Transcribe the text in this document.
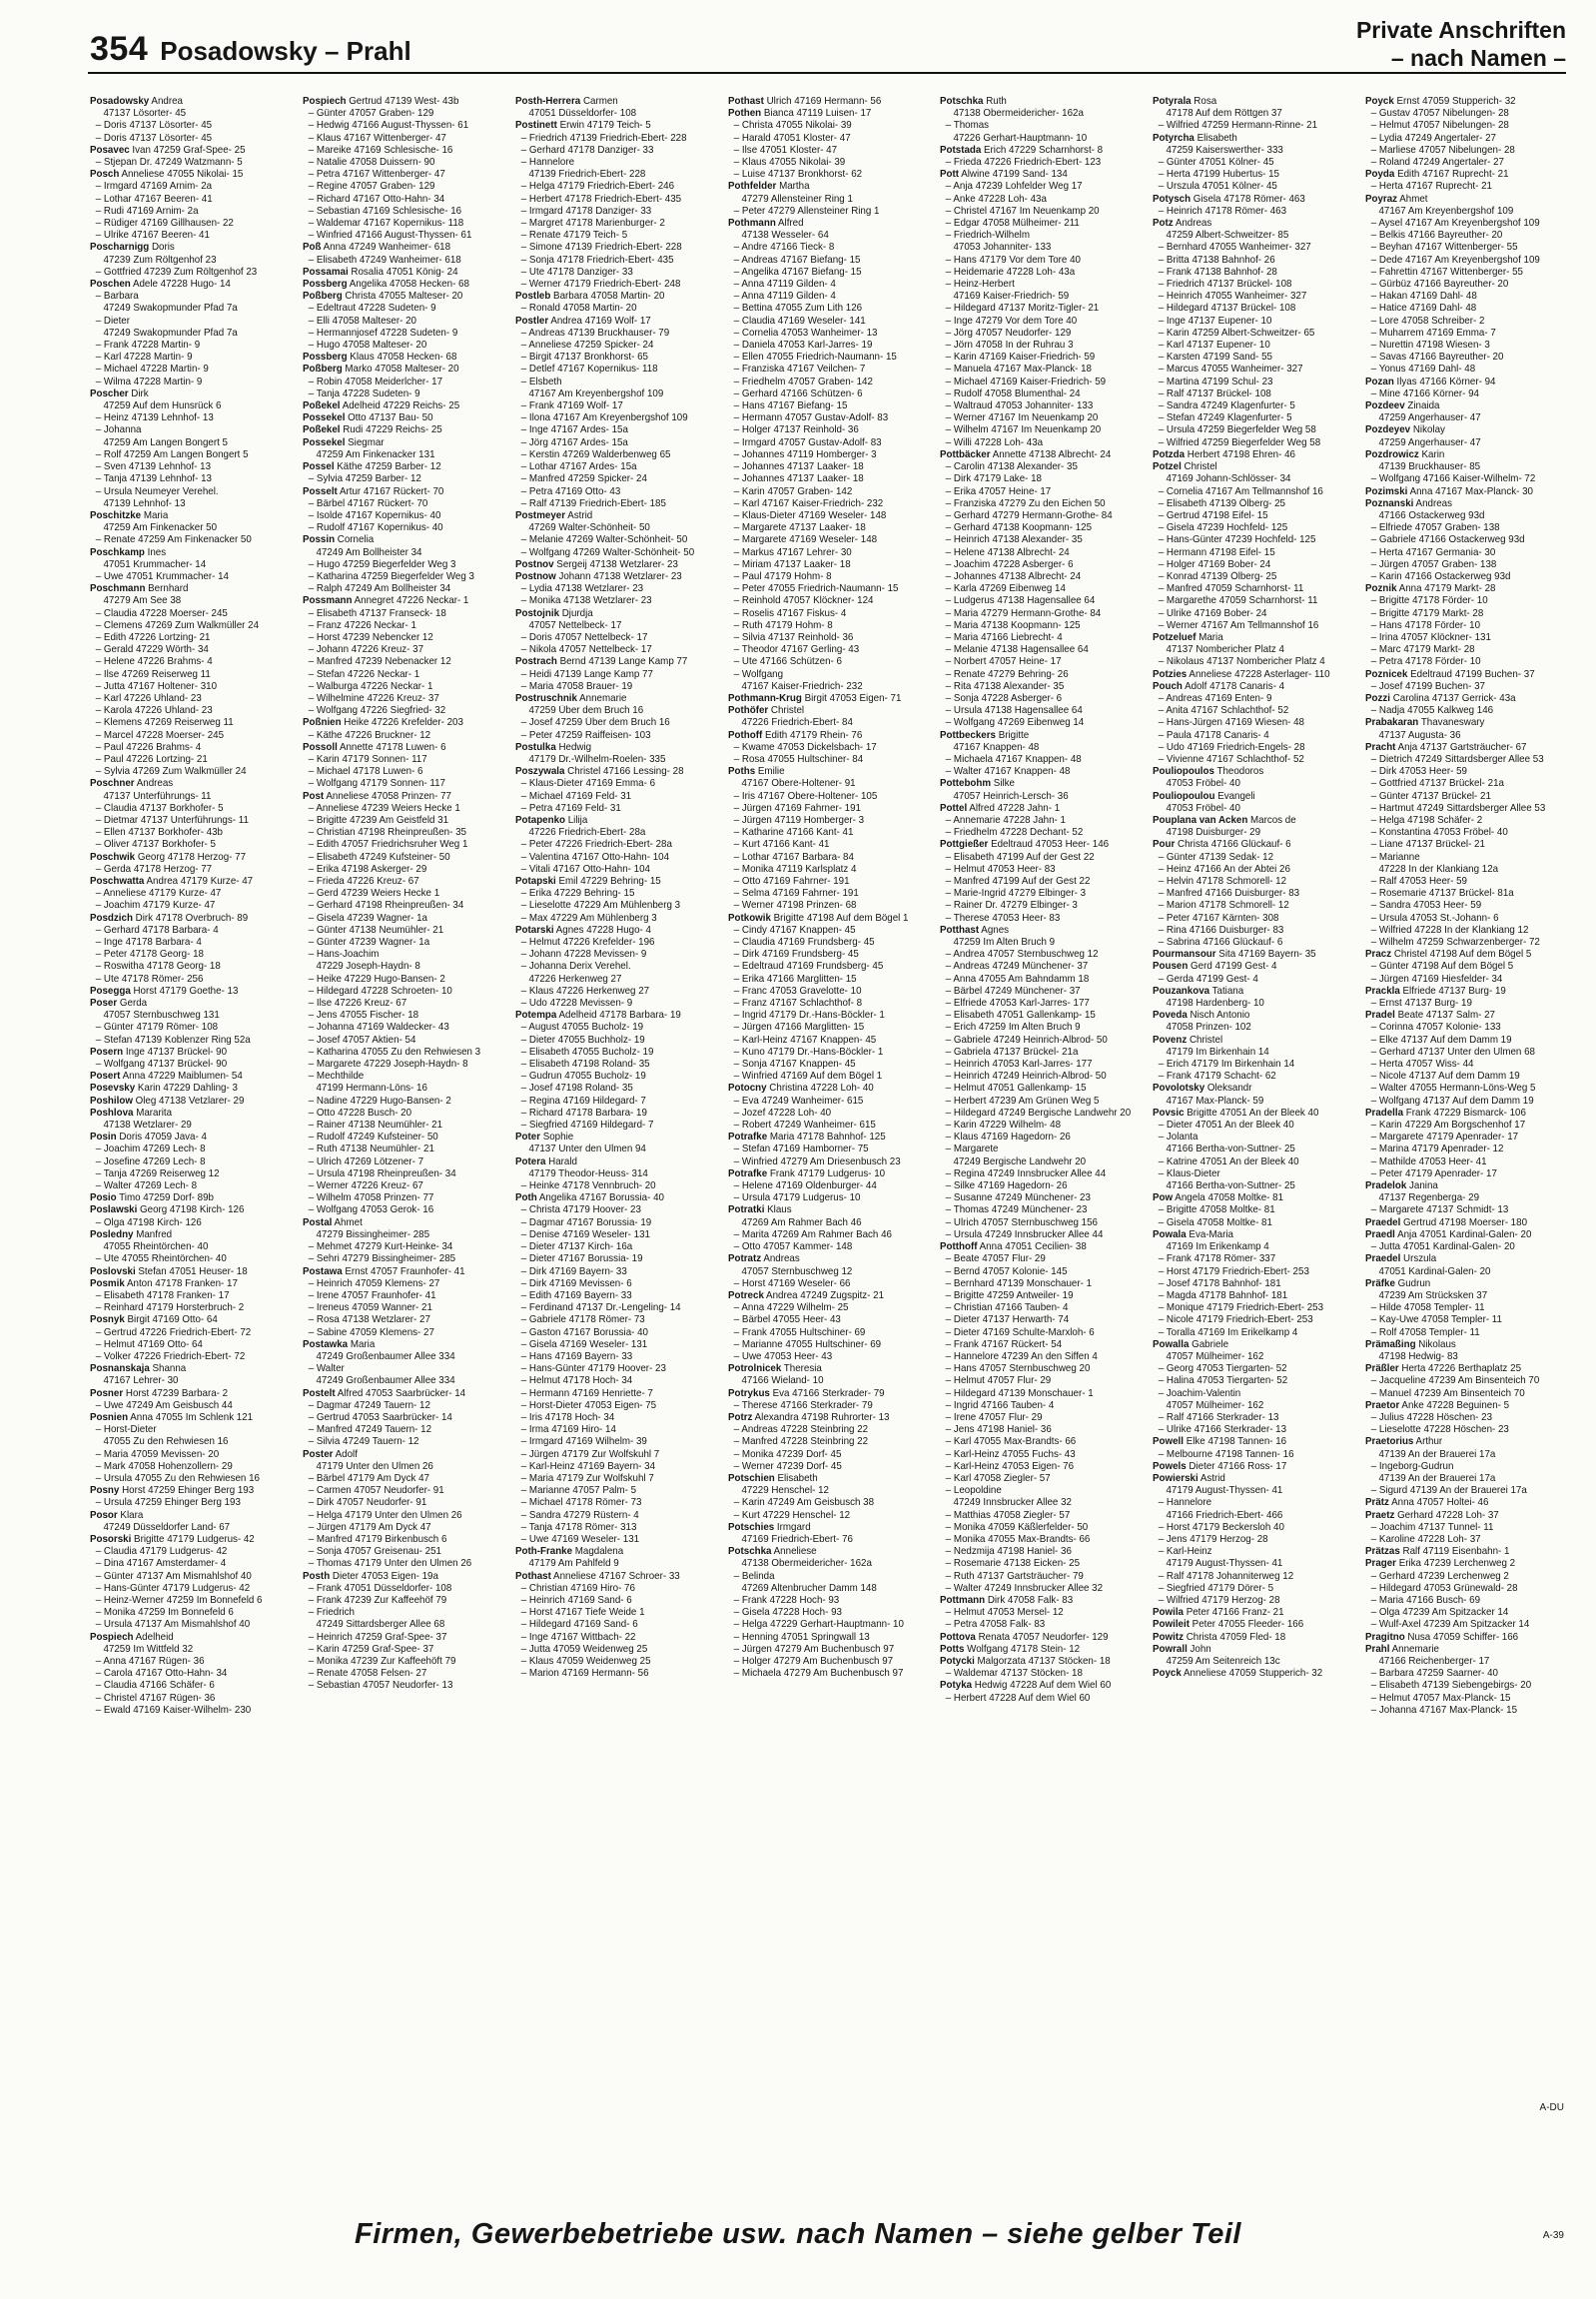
354 Posadowsky – Prahl
Private Anschriften
– nach Namen –
Posadowsky Andrea
47137 Lösorter- 45
– Doris 47137 Lösorter- 45
– Doris 47137 Lösorter- 45
Posavec Ivan 47259 Graf-Spee- 25
– Stjepan Dr. 47249 Watzmann- 5
Posch Anneliese 47055 Nikolai- 15
– Irmgard 47169 Arnim- 2a
– Lothar 47167 Beeren- 41
– Rudi 47169 Arnim- 2a
– Rüdiger 47169 Gillhausen- 22
– Ulrike 47167 Beeren- 41
Poscharnigg Doris
47239 Zum Röltgenhof 23
– Gottfried 47239 Zum Röltgenhof 23
Poschen Adele 47228 Hugo- 14
– Barbara
47249 Swakopmunder Pfad 7a
– Dieter
47249 Swakopmunder Pfad 7a
– Frank 47228 Martin- 9
– Karl 47228 Martin- 9
– Michael 47228 Martin- 9
– Wilma 47228 Martin- 9
Poscher Dirk
47259 Auf dem Hunsrück 6
– Heinz 47139 Lehnhof- 13
– Johanna
47259 Am Langen Bongert 5
– Rolf 47259 Am Langen Bongert 5
– Sven 47139 Lehnhof- 13
– Tanja 47139 Lehnhof- 13
– Ursula Neumeyer Verehel.
47139 Lehnhof- 13
Poschitzke Maria
47259 Am Finkenacker 50
– Renate 47259 Am Finkenacker 50
Poschkamp Ines
47051 Krummacher- 14
– Uwe 47051 Krummacher- 14
Poschmann Bernhard
47279 Am See 38
– Claudia 47228 Moerser- 245
– Clemens 47269 Zum Walkmüller 24
– Edith 47226 Lortzing- 21
– Gerald 47229 Wörth- 34
– Helene 47226 Brahms- 4
– Ilse 47269 Reiserweg 11
– Jutta 47167 Holtener- 310
– Karl 47226 Uhland- 23
– Karola 47226 Uhland- 23
– Klemens 47269 Reiserweg 11
– Marcel 47228 Moerser- 245
– Paul 47226 Brahms- 4
– Paul 47226 Lortzing- 21
– Sylvia 47269 Zum Walkmüller 24
Poschner Andreas
47137 Unterführungs- 11
– Claudia 47137 Borkhofer- 5
– Dietmar 47137 Unterführungs- 11
– Ellen 47137 Borkhofer- 43b
– Oliver 47137 Borkhofer- 5
Poschwik Georg 47178 Herzog- 77
– Gerda 47178 Herzog- 77
Poschwatta Andrea 47179 Kurze- 47
– Anneliese 47179 Kurze- 47
– Joachim 47179 Kurze- 47
Posdzich Dirk 47178 Overbruch- 89
– Gerhard 47178 Barbara- 4
– Inge 47178 Barbara- 4
– Peter 47178 Georg- 18
– Roswitha 47178 Georg- 18
– Ute 47178 Römer- 256
Posegga Horst 47179 Goethe- 13
Poser Gerda
47057 Sternbuschweg 131
– Günter 47179 Römer- 108
– Stefan 47139 Koblenzer Ring 52a
Posern Inge 47137 Brückel- 90
– Wolfgang 47137 Brückel- 90
Posert Anna 47229 Maiblumen- 54
Posevsky Karin 47229 Dahling- 3
Poshilow Oleg 47138 Vetzlarer- 29
Poshlova Mararita
47138 Wetzlarer- 29
Posin Doris 47059 Java- 4
– Joachim 47269 Lech- 8
– Josefine 47269 Lech- 8
– Tanja 47269 Reiserweg 12
– Walter 47269 Lech- 8
Posio Timo 47259 Dorf- 89b
Poslawski Georg 47198 Kirch- 126
– Olga 47198 Kirch- 126
Posledny Manfred
47055 Rheintörchen- 40
– Ute 47055 Rheintörchen- 40
Poslovski Stefan 47051 Heuser- 18
Posmik Anton 47178 Franken- 17
– Elisabeth 47178 Franken- 17
– Reinhard 47179 Horsterbruch- 2
Posnyk Birgit 47169 Otto- 64
– Gertrud 47226 Friedrich-Ebert- 72
– Helmut 47169 Otto- 64
– Volker 47226 Friedrich-Ebert- 72
Posnanskaja Shanna
47167 Lehrer- 30
Posner Horst 47239 Barbara- 2
– Uwe 47249 Am Geisbusch 44
Posnien Anna 47055 Im Schlenk 121
– Horst-Dieter
47055 Zu den Rehwiesen 16
– Maria 47059 Mevissen- 20
– Mark 47058 Hohenzollern- 29
– Ursula 47055 Zu den Rehwiesen 16
Posny Horst 47259 Ehinger Berg 193
– Ursula 47259 Ehinger Berg 193
Posor Klara
47249 Düsseldorfer Land- 67
Posorski Brigitte 47179 Ludgerus- 42
– Claudia 47179 Ludgerus- 42
– Dina 47167 Amsterdamer- 4
– Günter 47137 Am Mismahlshof 40
– Hans-Günter 47179 Ludgerus- 42
– Heinz-Werner 47259 Im Bonnefeld 6
– Monika 47259 Im Bonnefeld 6
– Ursula 47137 Am Mismahlshof 40
Pospiech Adelheid
47259 Im Wittfeld 32
– Anna 47167 Rügen- 36
– Carola 47167 Otto-Hahn- 34
– Claudia 47166 Schäfer- 6
– Christel 47167 Rügen- 36
– Ewald 47169 Kaiser-Wilhelm- 230
Pospiech Gertrud 47139 West- 43b
– Günter 47057 Graben- 129
– Hedwig 47166 August-Thyssen- 61
– Klaus 47167 Wittenberger- 47
– Mareike 47169 Schlesische- 16
– Natalie 47058 Duissern- 90
– Petra 47167 Wittenberger- 47
– Regine 47057 Graben- 129
– Richard 47167 Otto-Hahn- 34
– Sebastian 47169 Schlesische- 16
– Waldemar 47167 Kopernikus- 118
– Winfried 47166 August-Thyssen- 61
Poß Anna 47249 Wanheimer- 618
– Elisabeth 47249 Wanheimer- 618
Possamai Rosalia 47051 König- 24
Possberg Angelika 47058 Hecken- 68
Poßberg Christa 47055 Malteser- 20
– Edeltraut 47228 Sudeten- 9
– Elli 47058 Malteser- 20
– Hermannjosef 47228 Sudeten- 9
– Hugo 47058 Malteser- 20
Possberg Klaus 47058 Hecken- 68
Poßberg Marko 47058 Malteser- 20
– Robin 47058 Meiderlcher- 17
– Tanja 47228 Sudeten- 9
Poßekel Adelheid 47229 Reichs- 25
Possekel Otto 47137 Bau- 50
Poßekel Rudi 47229 Reichs- 25
Possekel Siegmar
47259 Am Finkenacker 131
Possel Käthe 47259 Barber- 12
– Sylvia 47259 Barber- 12
Posselt Artur 47167 Rückert- 70
– Bärbel 47167 Rückert- 70
– Isolde 47167 Kopernikus- 40
– Rudolf 47167 Kopernikus- 40
Possin Cornelia
47249 Am Bollheister 34
– Hugo 47259 Biegerfelder Weg 3
– Katharina 47259 Biegerfelder Weg 3
– Ralph 47249 Am Bollheister 34
Possmann Annegret 47226 Neckar- 1
– Elisabeth 47137 Franseck- 18
– Franz 47226 Neckar- 1
– Horst 47239 Nebencker 12
– Johann 47226 Kreuz- 37
– Manfred 47239 Nebenacker 12
– Stefan 47226 Neckar- 1
– Walburga 47226 Neckar- 1
– Wilhelmine 47226 Kreuz- 37
– Wolfgang 47226 Siegfried- 32
Poßnien Heike 47226 Krefelder- 203
– Käthe 47226 Bruckner- 12
Possoll Annette 47178 Luwen- 6
– Karin 47179 Sonnen- 117
– Michael 47178 Luwen- 6
– Wolfgang 47179 Sonnen- 117
Post Anneliese 47058 Prinzen- 77
– Anneliese 47239 Weiers Hecke 1
– Brigitte 47239 Am Geistfeld 31
– Christian 47198 Rheinpreußen- 35
– Edith 47057 Friedrichsruher Weg 1
– Elisabeth 47249 Kufsteiner- 50
– Erika 47198 Askerger- 29
– Frieda 47226 Kreuz- 67
– Gerd 47239 Weiers Hecke 1
– Gerhard 47198 Rheinpreußen- 34
– Gisela 47239 Wagner- 1a
– Günter 47138 Neumühler- 21
– Günter 47239 Wagner- 1a
– Hans-Joachim
47229 Joseph-Haydn- 8
– Heike 47229 Hugo-Bansen- 2
– Hildegard 47228 Schroeten- 10
– Ilse 47226 Kreuz- 67
– Jens 47055 Fischer- 18
– Johanna 47169 Waldecker- 43
– Josef 47057 Aktien- 54
– Katharina 47055 Zu den Rehwiesen 3
– Margarete 47229 Joseph-Haydn- 8
– Mechthilde
47199 Hermann-Löns- 16
– Nadine 47229 Hugo-Bansen- 2
– Otto 47228 Busch- 20
– Rainer 47138 Neumühler- 21
– Rudolf 47249 Kufsteiner- 50
– Ruth 47138 Neumühler- 21
– Ulrich 47269 Lötzener- 7
– Ursula 47198 Rheinpreußen- 34
– Werner 47226 Kreuz- 67
– Wilhelm 47058 Prinzen- 77
– Wolfgang 47053 Gerok- 16
Postal Ahmet
47279 Bissingheimer- 285
– Mehmet 47279 Kurt-Heinke- 34
– Sehri 47279 Bissingheimer- 285
Postawa Ernst 47057 Fraunhofer- 41
– Heinrich 47059 Klemens- 27
– Irene 47057 Fraunhofer- 41
– Ireneus 47059 Wanner- 21
– Rosa 47138 Wetzlarer- 27
– Sabine 47059 Klemens- 27
Postawka Maria
47249 Großenbaumer Allee 334
– Walter
47249 Großenbaumer Allee 334
Postelt Alfred 47053 Saarbrücker- 14
– Dagmar 47249 Tauern- 12
– Gertrud 47053 Saarbrücker- 14
– Manfred 47249 Tauern- 12
– Silvia 47249 Tauern- 12
Poster Adolf
47179 Unter den Ulmen 26
– Bärbel 47179 Am Dyck 47
– Carmen 47057 Neudorfer- 91
– Dirk 47057 Neudorfer- 91
– Helga 47179 Unter den Ulmen 26
– Jürgen 47179 Am Dyck 47
– Manfred 47179 Birkenbusch 6
– Sonja 47057 Greisenau- 251
– Thomas 47179 Unter den Ulmen 26
Posth Dieter 47053 Eigen- 19a
– Frank 47051 Düsseldorfer- 108
– Frank 47239 Zur Kaffeehöf 79
– Friedrich
47249 Sittardsberger Allee 68
– Heinrich 47259 Graf-Spee- 37
– Karin 47259 Graf-Spee- 37
– Monika 47239 Zur Kaffeehöft 79
– Renate 47058 Felsen- 27
– Sebastian 47057 Neudorfer- 13
Posth-Herrera Carmen
47051 Düsseldorfer- 108
Postinett Erwin 47179 Teich- 5
– Friedrich 47139 Friedrich-Ebert- 228
– Gerhard 47178 Danziger- 33
– Hannelore
47139 Friedrich-Ebert- 228
– Helga 47179 Friedrich-Ebert- 246
– Herbert 47178 Friedrich-Ebert- 435
– Irmgard 47178 Danziger- 33
– Margret 47178 Marienburger- 2
– Renate 47179 Teich- 5
– Simone 47139 Friedrich-Ebert- 228
– Sonja 47178 Friedrich-Ebert- 435
– Ute 47178 Danziger- 33
– Werner 47179 Friedrich-Ebert- 248
Postleb Barbara 47058 Martin- 20
– Ronald 47058 Martin- 20
Postler Andrea 47169 Wolf- 17
– Andreas 47139 Bruckhauser- 79
– Anneliese 47259 Spicker- 24
– Birgit 47137 Bronkhorst- 65
– Detlef 47167 Kopernikus- 118
– Elsbeth
47167 Am Kreyenbergshof 109
– Frank 47169 Wolf- 17
– Ilona 47167 Am Kreyenbergshof 109
– Inge 47167 Ardes- 15a
– Jörg 47167 Ardes- 15a
– Kerstin 47269 Walderbenweg 65
– Lothar 47167 Ardes- 15a
– Manfred 47259 Spicker- 24
– Petra 47169 Otto- 43
– Ralf 47139 Friedrich-Ebert- 185
Postmeyer Astrid
47269 Walter-Schönheit- 50
– Melanie 47269 Walter-Schönheit- 50
– Wolfgang 47269 Walter-Schönheit- 50
Postnov Sergeij 47138 Wetzlarer- 23
Postnow Johann 47138 Wetzlarer- 23
– Lydia 47138 Wetzlarer- 23
– Monika 47138 Wetzlarer- 23
Postojnik Djurdja
47057 Nettelbeck- 17
– Doris 47057 Nettelbeck- 17
– Nikola 47057 Nettelbeck- 17
Postrach Bernd 47139 Lange Kamp 77
– Heidi 47139 Lange Kamp 77
– Maria 47058 Brauer- 19
Postruschnik Annemarie
47259 Über dem Bruch 16
– Josef 47259 Über dem Bruch 16
– Peter 47259 Raiffeisen- 103
Postulka Hedwig
47179 Dr.-Wilhelm-Roelen- 335
Poszywala Christel 47166 Lessing- 28
– Klaus-Dieter 47169 Emma- 6
– Michael 47169 Feld- 31
– Petra 47169 Feld- 31
Potapenko Lilija
47226 Friedrich-Ebert- 28a
– Peter 47226 Friedrich-Ebert- 28a
– Valentina 47167 Otto-Hahn- 104
– Vitali 47167 Otto-Hahn- 104
Potapski Emil 47229 Behring- 15
– Erika 47229 Behring- 15
– Lieselotte 47229 Am Mühlenberg 3
– Max 47229 Am Mühlenberg 3
Potarski Agnes 47228 Hugo- 4
– Helmut 47226 Krefelder- 196
– Johann 47228 Mevissen- 9
– Johanna Derix Verehel.
47226 Herkenweg 27
– Klaus 47226 Herkenweg 27
– Udo 47228 Mevissen- 9
Potempa Adelheid 47178 Barbara- 19
– August 47055 Bucholz- 19
– Dieter 47055 Buchholz- 19
– Elisabeth 47055 Bucholz- 19
– Elisabeth 47198 Roland- 35
– Gudrun 47055 Bucholz- 19
– Josef 47198 Roland- 35
– Regina 47169 Hildegard- 7
– Richard 47178 Barbara- 19
– Siegfried 47169 Hildegard- 7
Poter Sophie
47137 Unter den Ulmen 94
Potera Harald
47179 Theodor-Heuss- 314
– Heinke 47178 Vennbruch- 20
Poth Angelika 47167 Borussia- 40
– Christa 47179 Hoover- 23
– Dagmar 47167 Borussia- 19
– Denise 47169 Weseler- 131
– Dieter 47137 Kirch- 16a
– Dieter 47167 Borussia- 19
– Dirk 47169 Bayern- 33
– Dirk 47169 Mevissen- 6
– Edith 47169 Bayern- 33
– Ferdinand 47137 Dr.-Lengeling- 14
– Gabriele 47178 Römer- 73
– Gaston 47167 Borussia- 40
– Gisela 47169 Weseler- 131
– Hans 47169 Bayern- 33
– Hans-Günter 47179 Hoover- 23
– Helmut 47178 Hoch- 34
– Hermann 47169 Henriette- 7
– Horst-Dieter 47053 Eigen- 75
– Iris 47178 Hoch- 34
– Irma 47169 Hiro- 14
– Irmgard 47169 Wilhelm- 39
– Jürgen 47179 Zur Wolfskuhl 7
– Karl-Heinz 47169 Bayern- 34
– Maria 47179 Zur Wolfskuhl 7
– Marianne 47057 Palm- 5
– Michael 47178 Römer- 73
– Sandra 47279 Rüstern- 4
– Tanja 47178 Römer- 313
– Uwe 47169 Weseler- 131
Poth-Franke Magdalena
47179 Am Pahlfeld 9
Pothast Anneliese 47167 Schroer- 33
– Christian 47169 Hiro- 76
– Heinrich 47169 Sand- 6
– Horst 47167 Tiefe Weide 1
– Hildegard 47169 Sand- 6
– Inge 47167 Wittbach- 22
– Jutta 47059 Weidenweg 25
– Klaus 47059 Weidenweg 25
– Marion 47169 Hermann- 56
Pothast Ulrich 47169 Hermann- 56
Pothen Bianca 47119 Luisen- 17
– Christa 47055 Nikolai- 39
– Harald 47051 Kloster- 47
– Ilse 47051 Kloster- 47
– Klaus 47055 Nikolai- 39
– Luise 47137 Bronkhorst- 62
Pothfelder Martha
47279 Allensteiner Ring 1
– Peter 47279 Allensteiner Ring 1
Pothmann Alfred
47138 Wesseler- 64
– Andre 47166 Tieck- 8
– Andreas 47167 Biefang- 15
– Angelika 47167 Biefang- 15
– Anna 47119 Gilden- 4
– Anna 47119 Gilden- 4
– Bettina 47055 Zum Lith 126
– Claudia 47169 Weseler- 141
– Cornelia 47053 Wanheimer- 13
– Daniela 47053 Karl-Jarres- 19
– Ellen 47055 Friedrich-Naumann- 15
– Franziska 47167 Veilchen- 7
– Friedhelm 47057 Graben- 142
– Gerhard 47166 Schützen- 6
– Hans 47167 Biefang- 15
– Hermann 47057 Gustav-Adolf- 83
– Holger 47137 Reinhold- 36
– Irmgard 47057 Gustav-Adolf- 83
– Johannes 47119 Homberger- 3
– Johannes 47137 Laaker- 18
– Johannes 47137 Laaker- 18
– Karin 47057 Graben- 142
– Karl 47167 Kaiser-Friedrich- 232
– Klaus-Dieter 47169 Weseler- 148
– Margarete 47137 Laaker- 18
– Margarete 47169 Weseler- 148
– Markus 47167 Lehrer- 30
– Miriam 47137 Laaker- 18
– Paul 47179 Hohm- 8
– Peter 47055 Friedrich-Naumann- 15
– Reinhold 47057 Klöckner- 124
– Roselis 47167 Fiskus- 4
– Ruth 47179 Hohm- 8
– Silvia 47137 Reinhold- 36
– Theodor 47167 Gerling- 43
– Ute 47166 Schützen- 6
– Wolfgang
47167 Kaiser-Friedrich- 232
Pothmann-Krug Birgit 47053 Eigen- 71
Pothöfer Christel
47226 Friedrich-Ebert- 84
Pothoff Edith 47179 Rhein- 76
– Kwame 47053 Dickelsbach- 17
– Rosa 47055 Hultschiner- 84
Poths Emilie
47167 Obere-Holtener- 91
– Iris 47167 Obere-Holtener- 105
– Jürgen 47169 Fahrner- 191
– Jürgen 47119 Homberger- 3
– Katharine 47166 Kant- 41
– Kurt 47166 Kant- 41
– Lothar 47167 Barbara- 84
– Monika 47119 Karlsplatz 4
– Otto 47169 Fahrner- 191
– Selma 47169 Fahrner- 191
– Werner 47198 Prinzen- 68
Potkowik Brigitte 47198 Auf dem Bögel 1
– Cindy 47167 Knappen- 45
– Claudia 47169 Frundsberg- 45
– Dirk 47169 Frundsberg- 45
– Edeltraud 47169 Frundsberg- 45
– Erika 47166 Marglitten- 15
– Franc 47053 Gravelotte- 10
– Franz 47167 Schlachthof- 8
– Ingrid 47179 Dr.-Hans-Böckler- 1
– Jürgen 47166 Marglitten- 15
– Karl-Heinz 47167 Knappen- 45
– Kuno 47179 Dr.-Hans-Böckler- 1
– Sonja 47167 Knappen- 45
– Winfried 47169 Auf dem Bögel 1
Potocny Christina 47228 Loh- 40
– Eva 47249 Wanheimer- 615
– Jozef 47228 Loh- 40
– Robert 47249 Wanheimer- 615
Potrafke Maria 47178 Bahnhof- 125
– Stefan 47169 Hamborner- 75
– Winfried 47279 Am Driesenbusch 23
Potrafke Frank 47179 Ludgerus- 10
– Helene 47169 Oldenburger- 44
– Ursula 47179 Ludgerus- 10
Potratki Klaus
47269 Am Rahmer Bach 46
– Marita 47269 Am Rahmer Bach 46
– Otto 47057 Kammer- 148
Potratz Andreas
47057 Sternbuschweg 12
– Horst 47169 Weseler- 66
Potreck Andrea 47249 Zugspitz- 21
– Anna 47229 Wilhelm- 25
– Bärbel 47055 Heer- 43
– Frank 47055 Hultschiner- 69
– Marianne 47055 Hultschiner- 69
– Uwe 47053 Heer- 43
Potrolnicek Theresia
47166 Wieland- 10
Potrykus Eva 47166 Sterkrader- 79
– Therese 47166 Sterkrader- 79
Potrz Alexandra 47198 Ruhrorter- 13
– Andreas 47228 Steinbring 22
– Manfred 47228 Steinbring 22
– Monika 47239 Dorf- 45
– Werner 47239 Dorf- 45
Potschien Elisabeth
47229 Henschel- 12
– Karin 47249 Am Geisbusch 38
– Kurt 47229 Henschel- 12
Potschies Irmgard
47169 Friedrich-Ebert- 76
Potschka Anneliese
47138 Obermeidericher- 162a
– Belinda
47269 Altenbrucher Damm 148
– Frank 47228 Hoch- 93
– Gisela 47228 Hoch- 93
– Helga 47229 Gerhart-Hauptmann- 10
– Henning 47051 Springwall 13
– Jürgen 47279 Am Buchenbusch 97
– Holger 47279 Am Buchenbusch 97
– Michaela 47279 Am Buchenbusch 97
Potschka Ruth
47138 Obermeidericher- 162a
– Thomas
47226 Gerhart-Hauptmann- 10
Potstada Erich 47229 Scharnhorst- 8
– Frieda 47226 Friedrich-Ebert- 123
Pott Alwine 47199 Sand- 134
– Anja 47239 Lohfelder Weg 17
– Anke 47228 Loh- 43a
– Christel 47167 Im Neuenkamp 20
– Edgar 47058 Mülheimer- 211
– Friedrich-Wilhelm
47053 Johanniter- 133
– Hans 47179 Vor dem Tore 40
– Heidemarie 47228 Loh- 43a
– Heinz-Herbert
47169 Kaiser-Friedrich- 59
– Hildegard 47137 Moritz-Tigler- 21
– Inge 47279 Vor dem Tore 40
– Jörg 47057 Neudorfer- 129
– Jörn 47058 In der Ruhrau 3
– Karin 47169 Kaiser-Friedrich- 59
– Manuela 47167 Max-Planck- 18
– Michael 47169 Kaiser-Friedrich- 59
– Rudolf 47058 Blumenthal- 24
– Waltraud 47053 Johanniter- 133
– Werner 47167 Im Neuenkamp 20
– Wilhelm 47167 Im Neuenkamp 20
– Willi 47228 Loh- 43a
Pottbäcker Annette 47138 Albrecht- 24
– Carolin 47138 Alexander- 35
– Dirk 47179 Lake- 18
– Erika 47057 Heine- 17
– Franziska 47279 Zu den Eichen 50
– Gerhard 47279 Hermann-Grothe- 84
– Gerhard 47138 Koopmann- 125
– Heinrich 47138 Alexander- 35
– Helene 47138 Albrecht- 24
– Joachim 47228 Asberger- 6
– Johannes 47138 Albrecht- 24
– Karla 47269 Eibenweg 14
– Ludgerus 47138 Hagensallee 64
– Maria 47279 Hermann-Grothe- 84
– Maria 47138 Koopmann- 125
– Maria 47166 Liebrecht- 4
– Melanie 47138 Hagensallee 64
– Norbert 47057 Heine- 17
– Renate 47279 Behring- 26
– Rita 47138 Alexander- 35
– Sonja 47228 Asberger- 6
– Ursula 47138 Hagensallee 64
– Wolfgang 47269 Eibenweg 14
Pottbeckers Brigitte
47167 Knappen- 48
– Michaela 47167 Knappen- 48
– Walter 47167 Knappen- 48
Pottebohm Silke
47057 Heinrich-Lersch- 36
Pottel Alfred 47228 Jahn- 1
– Annemarie 47228 Jahn- 1
– Friedhelm 47228 Dechant- 52
Pottgießer Edeltraud 47053 Heer- 146
– Elisabeth 47199 Auf der Gest 22
– Helmut 47053 Heer- 83
– Manfred 47199 Auf der Gest 22
– Marie-Ingrid 47279 Elbinger- 3
– Rainer Dr. 47279 Elbinger- 3
– Therese 47053 Heer- 83
Potthast Agnes
47259 Im Alten Bruch 9
– Andrea 47057 Sternbuschweg 12
– Andreas 47249 Münchener- 37
– Anna 47055 Am Bahndamm 18
– Bärbel 47249 Münchener- 37
– Elfriede 47053 Karl-Jarres- 177
– Elisabeth 47051 Gallenkamp- 15
– Erich 47259 Im Alten Bruch 9
– Gabriele 47249 Heinrich-Albrod- 50
– Gabriela 47137 Brückel- 21a
– Heinrich 47053 Karl-Jarres- 177
– Heinrich 47249 Heinrich-Albrod- 50
– Helmut 47051 Gallenkamp- 15
– Herbert 47239 Am Grünen Weg 5
– Hildegard 47249 Bergische Landwehr 20
– Karin 47229 Wilhelm- 48
– Klaus 47169 Hagedorn- 26
– Margarete
47249 Bergische Landwehr 20
– Regina 47249 Innsbrucker Allee 44
– Silke 47169 Hagedorn- 26
– Susanne 47249 Münchener- 23
– Thomas 47249 Münchener- 23
– Ulrich 47057 Sternbuschweg 156
– Ursula 47249 Innsbrucker Allee 44
Potthoff Anna 47051 Cecilien- 38
– Beate 47057 Flur- 29
– Bernd 47057 Kolonie- 145
– Bernhard 47139 Monschauer- 1
– Brigitte 47259 Antweiler- 19
– Christian 47166 Tauben- 4
– Dieter 47137 Herwarth- 74
– Dieter 47169 Schulte-Marxloh- 6
– Frank 47167 Rückert- 54
– Hannelore 47239 An den Siffen 4
– Hans 47057 Sternbuschweg 20
– Helmut 47057 Flur- 29
– Hildegard 47139 Monschauer- 1
– Ingrid 47166 Tauben- 4
– Irene 47057 Flur- 29
– Jens 47198 Haniel- 36
– Karl 47055 Max-Brandts- 66
– Karl-Heinz 47055 Fuchs- 43
– Karl-Heinz 47053 Eigen- 76
– Karl 47058 Ziegler- 57
– Leopoldine
47249 Innsbrucker Allee 32
– Matthias 47058 Ziegler- 57
– Monika 47059 Käßlerfelder- 50
– Monika 47055 Max-Brandts- 66
– Nedzmija 47198 Haniel- 36
– Rosemarie 47138 Eicken- 25
– Ruth 47137 Gartsträucher- 79
– Walter 47249 Innsbrucker Allee 32
Pottmann Dirk 47058 Falk- 83
– Helmut 47053 Mersel- 12
– Petra 47058 Falk- 83
Pottova Renata 47057 Neudorfer- 129
Potts Wolfgang 47178 Stein- 12
Potycki Malgorzata 47137 Stöcken- 18
– Waldemar 47137 Stöcken- 18
Potyka Hedwig 47228 Auf dem Wiel 60
– Herbert 47228 Auf dem Wiel 60
Potyrala Rosa
47178 Auf dem Röttgen 37
– Wilfried 47259 Hermann-Rinne- 21
Potyrcha Elisabeth
47259 Kaiserswerther- 333
– Günter 47051 Kölner- 45
– Herta 47199 Hubertus- 15
– Urszula 47051 Kölner- 45
Potysch Gisela 47178 Römer- 463
– Heinrich 47178 Römer- 463
Potz Andreas
47259 Albert-Schweitzer- 85
– Bernhard 47055 Wanheimer- 327
– Britta 47138 Bahnhof- 26
– Frank 47138 Bahnhof- 28
– Friedrich 47137 Brückel- 108
– Heinrich 47055 Wanheimer- 327
– Hildegard 47137 Brückel- 108
– Inge 47137 Eupener- 10
– Karin 47259 Albert-Schweitzer- 65
– Karl 47137 Eupener- 10
– Karsten 47199 Sand- 55
– Marcus 47055 Wanheimer- 327
– Martina 47199 Schul- 23
– Ralf 47137 Brückel- 108
– Sandra 47249 Klagenfurter- 5
– Stefan 47249 Klagenfurter- 5
– Ursula 47259 Biegerfelder Weg 58
– Wilfried 47259 Biegerfelder Weg 58
Potzda Herbert 47198 Ehren- 46
Potzel Christel
47169 Johann-Schlösser- 34
– Cornelia 47167 Am Tellmannshof 16
– Elisabeth 47139 Ölberg- 25
– Gertrud 47198 Eifel- 15
– Gisela 47239 Hochfeld- 125
– Hans-Günter 47239 Hochfeld- 125
– Hermann 47198 Eifel- 15
– Holger 47169 Bober- 24
– Konrad 47139 Ölberg- 25
– Manfred 47059 Scharnhorst- 11
– Margarethe 47059 Scharnhorst- 11
– Ulrike 47169 Bober- 24
– Werner 47167 Am Tellmannshof 16
Potzeluef Maria
47137 Nombericher Platz 4
– Nikolaus 47137 Nombericher Platz 4
Potzies Anneliese 47228 Asterlager- 110
Pouch Adolf 47178 Canaris- 4
– Andreas 47169 Enten- 9
– Anita 47167 Schlachthof- 52
– Hans-Jürgen 47169 Wiesen- 48
– Paula 47178 Canaris- 4
– Udo 47169 Friedrich-Engels- 28
– Vivienne 47167 Schlachthof- 52
Pouliopoulos Theodoros
47053 Fröbel- 40
Pouliopoulou Evangeli
47053 Fröbel- 40
Pouplana van Acken Marcos de
47198 Duisburger- 29
Pour Christa 47166 Glückauf- 6
– Günter 47139 Sedak- 12
– Heinz 47166 An der Abtei 26
– Helvin 47178 Schmorell- 12
– Manfred 47166 Duisburger- 83
– Marion 47178 Schmorell- 12
– Peter 47167 Kärnten- 308
– Rina 47166 Duisburger- 83
– Sabrina 47166 Glückauf- 6
Pourmansour Sita 47169 Bayern- 35
Pousen Gerd 47199 Gest- 4
– Gerda 47199 Gest- 4
Pouzankova Tatiana
47198 Hardenberg- 10
Poveda Nisch Antonio
47058 Prinzen- 102
Povenz Christel
47179 Im Birkenhain 14
– Erich 47179 Im Birkenhain 14
– Frank 47179 Schacht- 62
Povolotsky Oleksandr
47167 Max-Planck- 59
Povsic Brigitte 47051 An der Bleek 40
– Dieter 47051 An der Bleek 40
– Jolanta
47166 Bertha-von-Suttner- 25
– Katrine 47051 An der Bleek 40
– Klaus-Dieter
47166 Bertha-von-Suttner- 25
Pow Angela 47058 Moltke- 81
– Brigitte 47058 Moltke- 81
– Gisela 47058 Moltke- 81
Powala Eva-Maria
47169 Im Erikenkamp 4
– Frank 47178 Römer- 337
– Horst 47179 Friedrich-Ebert- 253
– Josef 47178 Bahnhof- 181
– Magda 47178 Bahnhof- 181
– Monique 47179 Friedrich-Ebert- 253
– Nicole 47179 Friedrich-Ebert- 253
– Toralla 47169 Im Erikelkamp 4
Powalla Gabriele
47057 Mülheimer- 162
– Georg 47053 Tiergarten- 52
– Halina 47053 Tiergarten- 52
– Joachim-Valentin
47057 Mülheimer- 162
– Ralf 47166 Sterkrader- 13
– Ulrike 47166 Sterkrader- 13
Powell Elke 47198 Tannen- 16
– Melbourne 47198 Tannen- 16
Powels Dieter 47166 Ross- 17
Powierski Astrid
47179 August-Thyssen- 41
– Hannelore
47166 Friedrich-Ebert- 466
– Horst 47179 Beckersloh 40
– Jens 47179 Herzog- 28
– Karl-Heinz
47179 August-Thyssen- 41
– Ralf 47178 Johanniterweg 12
– Siegfried 47179 Dörer- 5
– Wilfried 47179 Herzog- 28
Powila Peter 47166 Franz- 21
Powileit Peter 47055 Fleeder- 166
Powitz Christa 47059 Fled- 18
Powrall John
47259 Am Seitenreich 13c
Poyck Anneliese 47059 Stupperich- 32
Poyck Ernst 47059 Stupperich- 32
– Gustav 47057 Nibelungen- 28
– Helmut 47057 Nibelungen- 28
– Lydia 47249 Angertaler- 27
– Marliese 47057 Nibelungen- 28
– Roland 47249 Angertaler- 27
Poyda Edith 47167 Ruprecht- 21
– Herta 47167 Ruprecht- 21
Poyraz Ahmet
47167 Am Kreyenbergshof 109
– Aysel 47167 Am Kreyenbergshof 109
– Belkis 47166 Bayreuther- 20
– Beyhan 47167 Wittenberger- 55
– Dede 47167 Am Kreyenbergshof 109
– Fahrettin 47167 Wittenberger- 55
– Gürbüz 47166 Bayreuther- 20
– Hakan 47169 Dahl- 48
– Hatice 47169 Dahl- 48
– Lore 47058 Schreiber- 2
– Muharrem 47169 Emma- 7
– Nurettin 47198 Wiesen- 3
– Savas 47166 Bayreuther- 20
– Yonus 47169 Dahl- 48
Pozan Ilyas 47166 Körner- 94
– Mine 47166 Körner- 94
Pozdeev Zinaida
47259 Angerhauser- 47
Pozdeyev Nikolay
47259 Angerhauser- 47
Pozdrowicz Karin
47139 Bruckhauser- 85
– Wolfgang 47166 Kaiser-Wilhelm- 72
Pozimski Anna 47167 Max-Planck- 30
Poznanski Andreas
47166 Ostackerweg 93d
– Elfriede 47057 Graben- 138
– Gabriele 47166 Ostackerweg 93d
– Herta 47167 Germania- 30
– Jürgen 47057 Graben- 138
– Karin 47166 Ostackerweg 93d
Poznik Anna 47179 Markt- 28
– Brigitte 47178 Förder- 10
– Brigitte 47179 Markt- 28
– Hans 47178 Förder- 10
– Irina 47057 Klöckner- 131
– Marc 47179 Markt- 28
– Petra 47178 Förder- 10
Poznicek Edeltraud 47199 Buchen- 37
– Josef 47199 Buchen- 37
Pozzi Carolina 47137 Gerrick- 43a
– Nadja 47055 Kalkweg 146
Prabakaran Thavaneswary
47137 Augusta- 36
Pracht Anja 47137 Gartsträucher- 67
– Dietrich 47249 Sittardsberger Allee 53
– Dirk 47053 Heer- 59
– Gottfried 47137 Brückel- 21a
– Günter 47137 Brückel- 21
– Hartmut 47249 Sittardsberger Allee 53
– Helga 47198 Schäfer- 2
– Konstantina 47053 Fröbel- 40
– Liane 47137 Brückel- 21
– Marianne
47228 In der Klankiang 12a
– Ralf 47053 Heer- 59
– Rosemarie 47137 Brückel- 81a
– Sandra 47053 Heer- 59
– Ursula 47053 St.-Johann- 6
– Wilfried 47228 In der Klankiang 12
– Wilhelm 47259 Schwarzenberger- 72
Pracz Christel 47198 Auf dem Bögel 5
– Günter 47198 Auf dem Bögel 5
– Jürgen 47169 Hiesfelder- 34
Prackla Elfriede 47137 Burg- 19
– Ernst 47137 Burg- 19
Pradel Beate 47137 Salm- 27
– Corinna 47057 Kolonie- 133
– Elke 47137 Auf dem Damm 19
– Gerhard 47137 Unter den Ulmen 68
– Herta 47057 Wiss- 44
– Nicole 47137 Auf dem Damm 19
– Walter 47055 Hermann-Löns-Weg 5
– Wolfgang 47137 Auf dem Damm 19
Pradella Frank 47229 Bismarck- 106
– Karin 47229 Am Borgschenhof 17
– Margarete 47179 Apenrader- 17
– Marina 47179 Apenrader- 12
– Mathilde 47053 Heer- 41
– Peter 47179 Apenrader- 17
Pradelok Janina
47137 Regenberga- 29
– Margarete 47137 Schmidt- 13
Praedel Gertrud 47198 Moerser- 180
Praedl Anja 47051 Kardinal-Galen- 20
– Jutta 47051 Kardinal-Galen- 20
Praedel Urszula
47051 Kardinal-Galen- 20
Präfke Gudrun
47239 Am Strücksken 37
– Hilde 47058 Templer- 11
– Kay-Uwe 47058 Templer- 11
– Rolf 47058 Templer- 11
Prämaßing Nikolaus
47198 Hedwig- 83
Präßler Herta 47226 Berthaplatz 25
– Jacqueline 47239 Am Binsenteich 70
– Manuel 47239 Am Binsenteich 70
Praetor Anke 47228 Beguinen- 5
– Julius 47228 Höschen- 23
– Lieselotte 47228 Höschen- 23
Praetorius Arthur
47139 An der Brauerei 17a
– Ingeborg-Gudrun
47139 An der Brauerei 17a
– Sigurd 47139 An der Brauerei 17a
Prätz Anna 47057 Holtei- 46
Praetz Gerhard 47228 Loh- 37
– Joachim 47137 Tunnel- 11
– Karoline 47228 Loh- 37
Prätzas Ralf 47119 Eisenbahn- 1
Prager Erika 47239 Lerchenweg 2
– Gerhard 47239 Lerchenweg 2
– Hildegard 47053 Grünewald- 28
– Maria 47166 Busch- 69
– Olga 47239 Am Spitzacker 14
– Wulf-Axel 47239 Am Spitzacker 14
Pragitno Nusa 47059 Schiffer- 166
Prahl Annemarie
47166 Reichenberger- 17
– Barbara 47259 Saarner- 40
– Elisabeth 47139 Siebengebirgs- 20
– Helmut 47057 Max-Planck- 15
– Johanna 47167 Max-Planck- 15
A-DU
A-39
Firmen, Gewerbebetriebe usw. nach Namen – siehe gelber Teil
